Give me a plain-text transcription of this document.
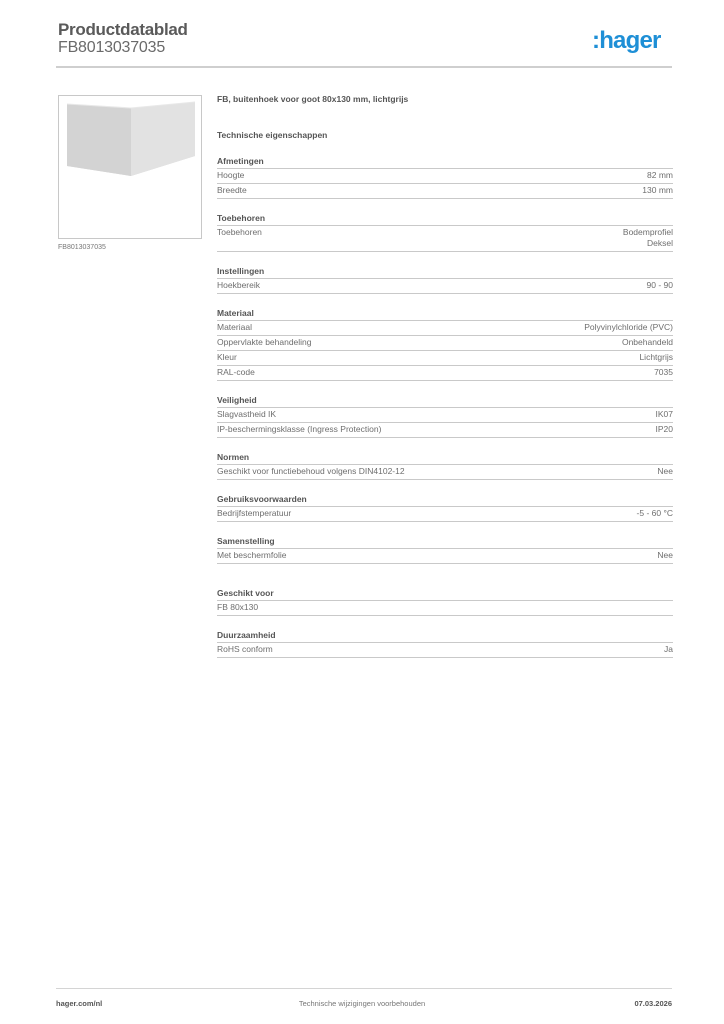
Productdatablad
FB8013037035	:hager
FB8013037035
FB, buitenhoek voor goot 80x130 mm, lichtgrijs
Technische eigenschappen
Afmetingen
Hoogte	82 mm
Breedte	130 mm
Toebehoren
Toebehoren	Bodemprofiel
Deksel
Instellingen
Hoekbereik	90 - 90
Materiaal
Materiaal	Polyvinylchloride (PVC)
Oppervlakte behandeling	Onbehandeld
Kleur	Lichtgrijs
RAL-code	7035
Veiligheid
Slagvastheid IK	IK07
IP-beschermingsklasse (Ingress Protection)	IP20
Normen
Geschikt voor functiebehoud volgens DIN4102-12	Nee
Gebruiksvoorwaarden
Bedrijfstemperatuur	-5 - 60 °C
Samenstelling
Met beschermfolie	Nee
Geschikt voor
FB 80x130
Duurzaamheid
RoHS conform	Ja
hager.com/nl	Technische wijzigingen voorbehouden	07.03.2026
